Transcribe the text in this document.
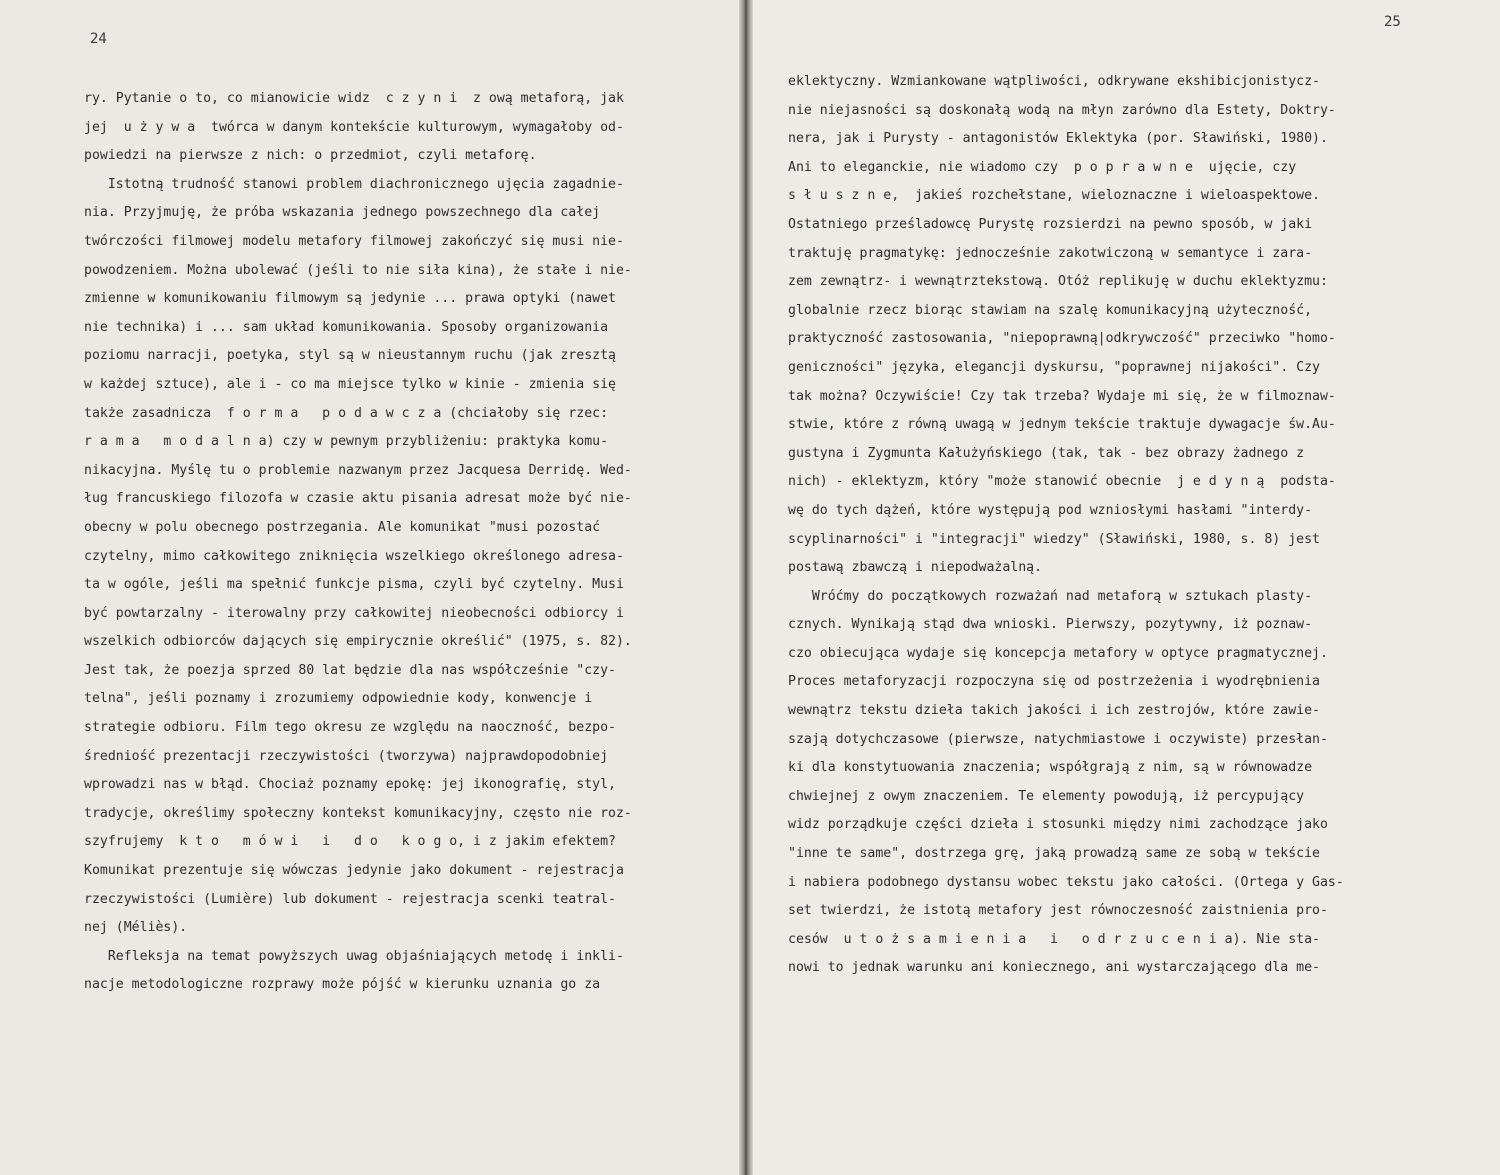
24
ry. Pytanie o to, co mianowicie widz  c z y n i  z ową metaforą, jak
jej  u ż y w a  twórca w danym kontekście kulturowym, wymagałoby od-
powiedzi na pierwsze z nich: o przedmiot, czyli metaforę.
Istotną trudność stanowi problem diachronicznego ujęcia zagadnie-
nia. Przyjmuję, że próba wskazania jednego powszechnego dla całej
twórczości filmowej modelu metafory filmowej zakończyć się musi nie-
powodzeniem. Można ubolewać (jeśli to nie siła kina), że stałe i nie-
zmienne w komunikowaniu filmowym są jedynie ... prawa optyki (nawet
nie technika) i ... sam układ komunikowania. Sposoby organizowania
poziomu narracji, poetyka, styl są w nieustannym ruchu (jak zresztą
w każdej sztuce), ale i - co ma miejsce tylko w kinie - zmienia się
także zasadnicza  f o r m a   p o d a w c z a (chciałoby się rzec:
r a m a   m o d a l n a) czy w pewnym przybliżeniu: praktyka komu-
nikacyjna. Myślę tu o problemie nazwanym przez Jacquesa Derridę. Wed-
ług francuskiego filozofa w czasie aktu pisania adresat może być nie-
obecny w polu obecnego postrzegania. Ale komunikat "musi pozostać
czytelny, mimo całkowitego zniknięcia wszelkiego określonego adresa-
ta w ogóle, jeśli ma spełnić funkcje pisma, czyli być czytelny. Musi
być powtarzalny - iterowalny przy całkowitej nieobecności odbiorcy i
wszelkich odbiorców dających się empirycznie określić" (1975, s. 82).
Jest tak, że poezja sprzed 80 lat będzie dla nas współcześnie "czy-
telna", jeśli poznamy i zrozumiemy odpowiednie kody, konwencje i
strategie odbioru. Film tego okresu ze względu na naoczność, bezpo-
średniość prezentacji rzeczywistości (tworzywa) najprawdopodobniej
wprowadzi nas w błąd. Chociaż poznamy epokę: jej ikonografię, styl,
tradycje, określimy społeczny kontekst komunikacyjny, często nie roz-
szyfrujemy  k t o   m ó w i   i   d o   k o g o, i z jakim efektem?
Komunikat prezentuje się wówczas jedynie jako dokument - rejestracja
rzeczywistości (Lumière) lub dokument - rejestracja scenki teatral-
nej (Méliès).
Refleksja na temat powyższych uwag objaśniających metodę i inkli-
nacje metodologiczne rozprawy może pójść w kierunku uznania go za
25
eklektyczny. Wzmiankowane wątpliwości, odkrywane ekshibicjonistycz-
nie niejasności są doskonałą wodą na młyn zarówno dla Estety, Doktry-
nera, jak i Purysty - antagonistów Eklektyka (por. Sławiński, 1980).
Ani to eleganckie, nie wiadomo czy  p o p r a w n e  ujęcie, czy
s ł u s z n e,  jakieś rozchełstane, wieloznaczne i wieloaspektowe.
Ostatniego prześladowcę Purystę rozsierdzi na pewno sposób, w jaki
traktuję pragmatykę: jednocześnie zakotwiczoną w semantyce i zara-
zem zewnątrz- i wewnątrztekstową. Otóż replikuję w duchu eklektyzmu:
globalnie rzecz biorąc stawiam na szalę komunikacyjną użyteczność,
praktyczność zastosowania, "niepoprawną|odkrywczość" przeciwko "homo-
geniczności" języka, elegancji dyskursu, "poprawnej nijakości". Czy
tak można? Oczywiście! Czy tak trzeba? Wydaje mi się, że w filmoznaw-
stwie, które z równą uwagą w jednym tekście traktuje dywagacje św.Au-
gustyna i Zygmunta Kałużyńskiego (tak, tak - bez obrazy żadnego z
nich) - eklektyzm, który "może stanowić obecnie  j e d y n ą  podsta-
wę do tych dążeń, które występują pod wzniosłymi hasłami "interdy-
scyplinarności" i "integracji" wiedzy" (Sławiński, 1980, s. 8) jest
postawą zbawczą i niepodważalną.
Wróćmy do początkowych rozważań nad metaforą w sztukach plasty-
cznych. Wynikają stąd dwa wnioski. Pierwszy, pozytywny, iż poznaw-
czo obiecująca wydaje się koncepcja metafory w optyce pragmatycznej.
Proces metaforyzacji rozpoczyna się od postrzeżenia i wyodrębnienia
wewnątrz tekstu dzieła takich jakości i ich zestrojów, które zawie-
szają dotychczasowe (pierwsze, natychmiastowe i oczywiste) przesłan-
ki dla konstytuowania znaczenia; współgrają z nim, są w równowadze
chwiejnej z owym znaczeniem. Te elementy powodują, iż percypujący
widz porządkuje części dzieła i stosunki między nimi zachodzące jako
"inne te same", dostrzega grę, jaką prowadzą same ze sobą w tekście
i nabiera podobnego dystansu wobec tekstu jako całości. (Ortega y Gas-
set twierdzi, że istotą metafory jest równoczesność zaistnienia pro-
cesów  u t o ż s a m i e n i a   i   o d r z u c e n i a). Nie sta-
nowi to jednak warunku ani koniecznego, ani wystarczającego dla me-
